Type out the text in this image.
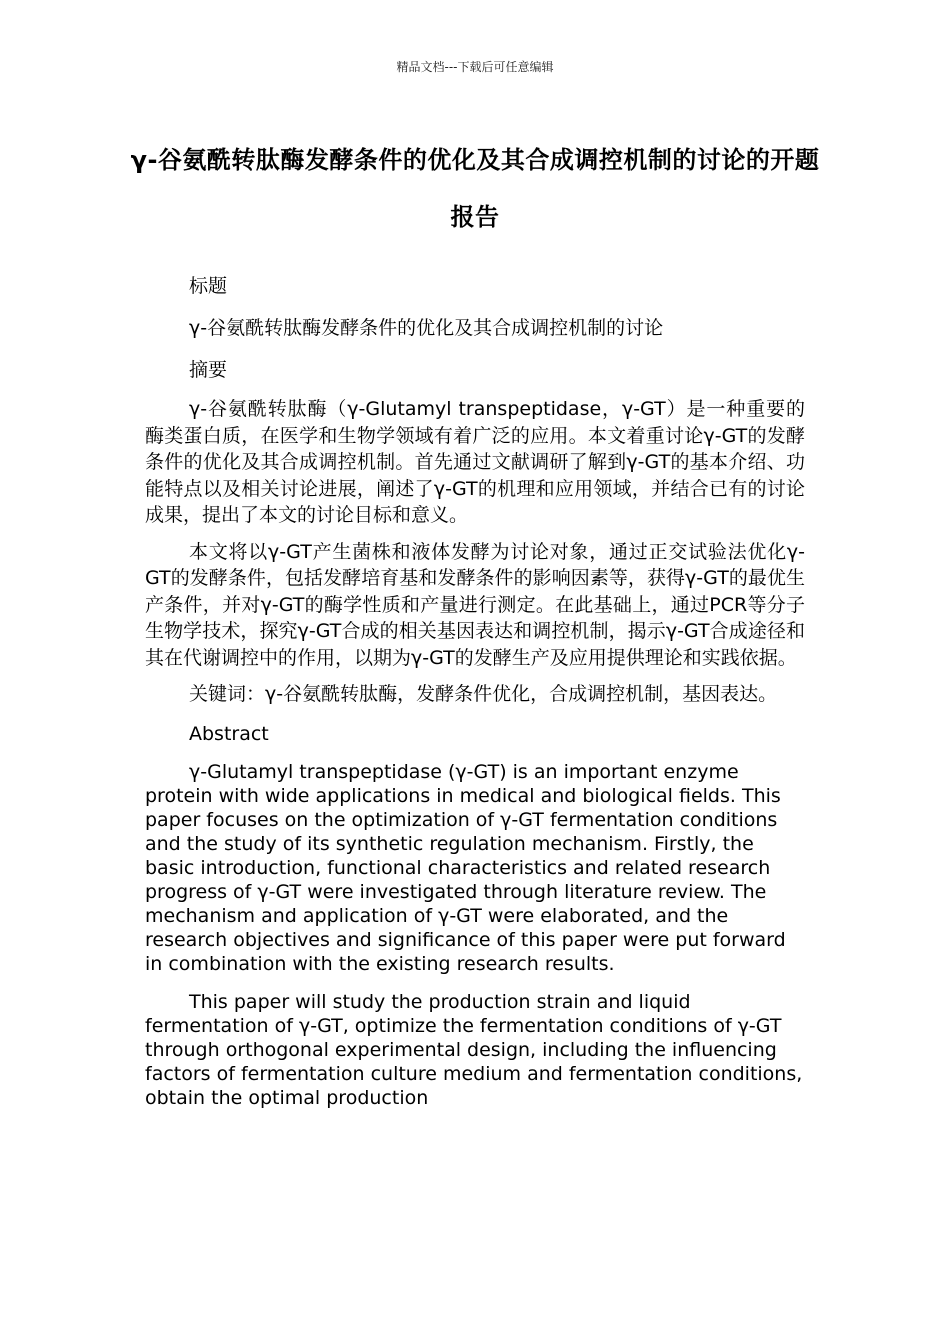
精品文档---下载后可任意编辑
γ-谷氨酰转肽酶发酵条件的优化及其合成调控机制的讨论的开题报告
标题
γ-谷氨酰转肽酶发酵条件的优化及其合成调控机制的讨论
摘要

γ-谷氨酰转肽酶（γ-Glutamyl transpeptidase，γ-GT）是一种重要的酶类蛋白质，在医学和生物学领域有着广泛的应用。本文着重讨论γ-GT的发酵条件的优化及其合成调控机制。首先通过文献调研了解到γ-GT的基本介绍、功能特点以及相关讨论进展，阐述了γ-GT的机理和应用领域，并结合已有的讨论成果，提出了本文的讨论目标和意义。

本文将以γ-GT产生菌株和液体发酵为讨论对象，通过正交试验法优化γ-GT的发酵条件，包括发酵培育基和发酵条件的影响因素等，获得γ-GT的最优生产条件，并对γ-GT的酶学性质和产量进行测定。在此基础上，通过PCR等分子生物学技术，探究γ-GT合成的相关基因表达和调控机制，揭示γ-GT合成途径和其在代谢调控中的作用，以期为γ-GT的发酵生产及应用提供理论和实践依据。

关键词：γ-谷氨酰转肽酶，发酵条件优化，合成调控机制，基因表达。

Abstract

γ-Glutamyl transpeptidase (γ-GT) is an important enzyme protein with wide applications in medical and biological fields. This paper focuses on the optimization of γ-GT fermentation conditions and the study of its synthetic regulation mechanism. Firstly, the basic introduction, functional characteristics and related research progress of γ-GT were investigated through literature review. The mechanism and application of γ-GT were elaborated, and the research objectives and significance of this paper were put forward in combination with the existing research results.

This paper will study the production strain and liquid fermentation of γ-GT, optimize the fermentation conditions of γ-GT through orthogonal experimental design, including the influencing factors of fermentation culture medium and fermentation conditions, obtain the optimal production
